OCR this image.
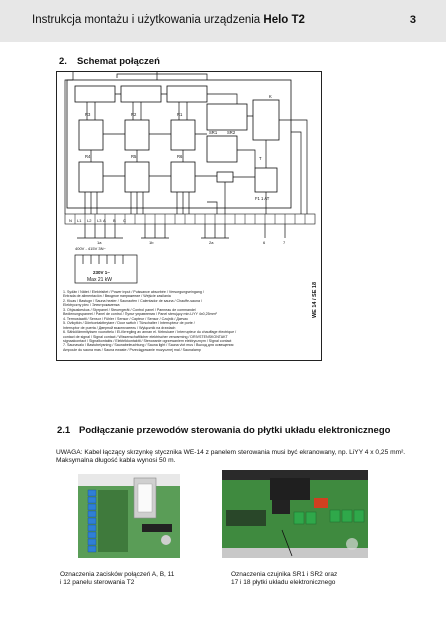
Instrukcja montażu i użytkowania urządzenia Helo T2	3
2. Schemat połączeń
A B C
N L1 L2 L3
1a	1b	2a	6	7
400V - 415V 3N~
230V 1~
Max 21 kW
R3	R2	R1
R4	R5	R6
K
T
SR1 SR2
F1 1 AT
1. Sydän / Nätet / Elektrisitet / Power input / Puissance absorbée / Versorgungseingang /
Entrada de alimentación / Вводное напряжение / Wejście zasilania
2. Kiuas / Bastugn / Sauna heater / Saunaofen / Calentador de sauna / Chauffe-sauna /
Elektryczny piec / Электрокаменка
3. Ohjauskeskus / Styrpanel / Steuergerät / Control panel / Panneau de commande/
Bedienungspaneel / Panel de control / Пульт управления / Panel sterujący min.LiYY 4x0,25mm²
4. Termostaatti / Sensor / Fühler / Sensor / Capteur / Sensor / Czujnik / Датчик
5. Ovikytkin / Dörrkontaktbrytare / Door switch / Türschalter / Interrupteur de porte /
Interruptor de puerta / Дверной выключатель / Wyłącznik na drzwiach
6. Sähkölämmityksen vuorottelu / El-förregling av annan el. förbrukare / Interrupteur du chauffage électrique /
contact de signal / Signal contact / Wissenschaftlicher elektrischer verwarming / DRIVSTENSKONTAKT
signaalcontact / Signalkontakts / Elektrikkontaktti / Sterowanie ogrzewaniem elektrycznym / Signal contact
7. Saunavalo / Bastubelysning / Saunabeleuchtung / Sauna light / Sauna vlot mus / Выход для освещения
Ampoule du sauna mas / Sauna ewaste / Przeciągowanie muzycznej mal / Saunalamp
WE 14 / SE 18
2.1 Podłączanie przewodów sterowania do płytki układu elektronicznego
UWAGA: Kabel łączący skrzynkę stycznika WE-14 z panelem sterowania musi być ekranowany, np. LiYY 4 x 0,25 mm².
Maksymalna długość kabla wynosi 50 m.
Oznaczenia zacisków połączeń A, B, 11
i 12 panelu sterowania T2
Oznaczenia czujnika SR1 i SR2 oraz
17 i 18 płytki układu elektronicznego
